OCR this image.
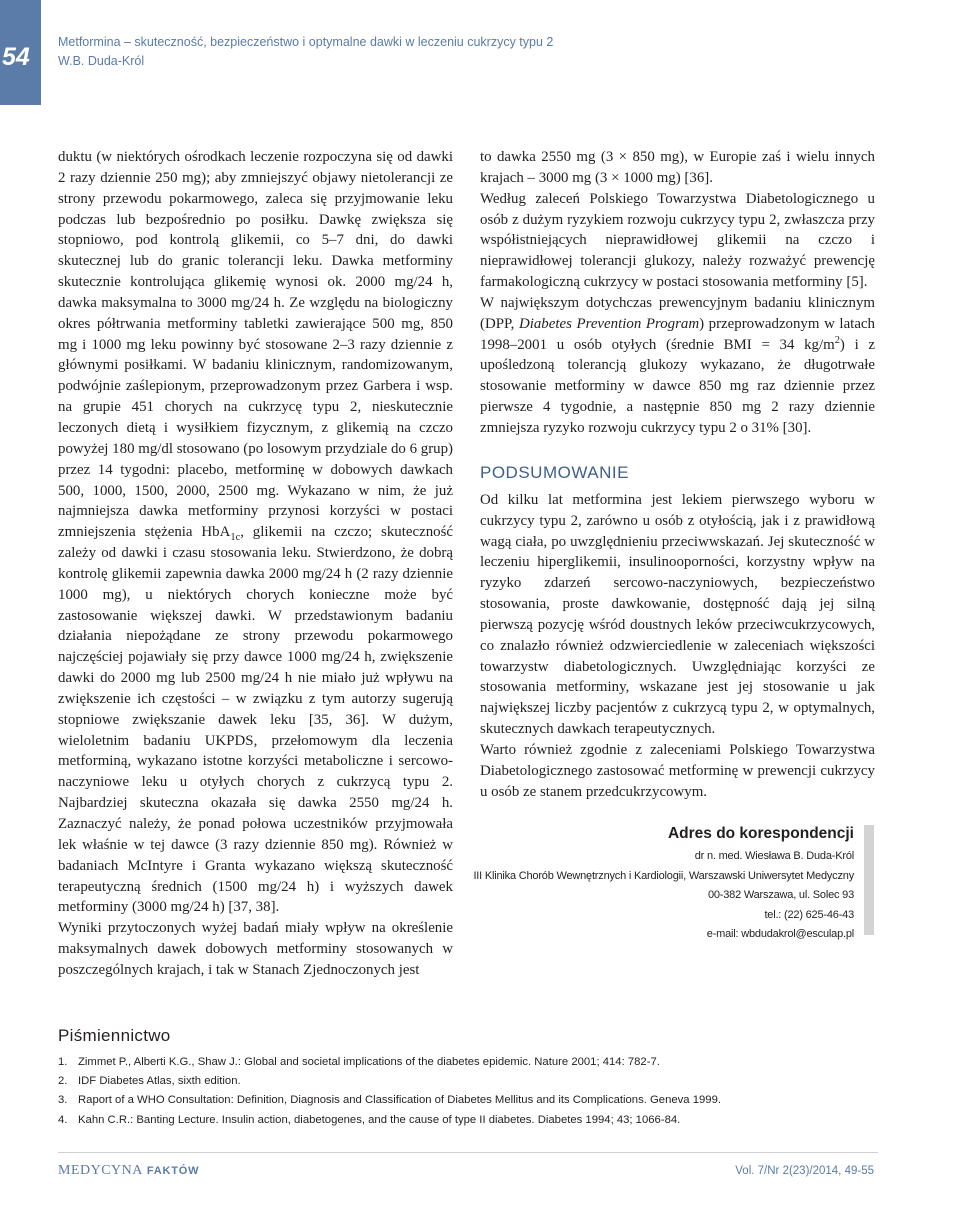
54
Metformina – skuteczność, bezpieczeństwo i optymalne dawki w leczeniu cukrzycy typu 2
W.B. Duda-Król

duktu (w niektórych ośrodkach leczenie rozpoczyna się od dawki 2 razy dziennie 250 mg); aby zmniejszyć objawy nietolerancji ze strony przewodu pokarmowego, zaleca się przyjmowanie leku podczas lub bezpośrednio po posiłku. Dawkę zwiększa się stopniowo, pod kontrolą glikemii, co 5–7 dni, do dawki skutecznej lub do granic tolerancji leku. Dawka metforminy skutecznie kontrolująca glikemię wynosi ok. 2000 mg/24 h, dawka maksymalna to 3000 mg/24 h. Ze względu na biologiczny okres półtrwania metforminy tabletki zawierające 500 mg, 850 mg i 1000 mg leku powinny być stosowane 2–3 razy dziennie z głównymi posiłkami. W badaniu klinicznym, randomizowanym, podwójnie zaślepionym, przeprowadzonym przez Garbera i wsp. na grupie 451 chorych na cukrzycę typu 2, nieskutecznie leczonych dietą i wysiłkiem fizycznym, z glikemią na czczo powyżej 180 mg/dl stosowano (po losowym przydziale do 6 grup) przez 14 tygodni: placebo, metforminę w dobowych dawkach 500, 1000, 1500, 2000, 2500 mg. Wykazano w nim, że już najmniejsza dawka metforminy przynosi korzyści w postaci zmniejszenia stężenia HbA$_{1c}$, glikemii na czczo; skuteczność zależy od dawki i czasu stosowania leku. Stwierdzono, że dobrą kontrolę glikemii zapewnia dawka 2000 mg/24 h (2 razy dziennie 1000 mg), u niektórych chorych konieczne może być zastosowanie większej dawki. W przedstawionym badaniu działania niepożądane ze strony przewodu pokarmowego najczęściej pojawiały się przy dawce 1000 mg/24 h, zwiększenie dawki do 2000 mg lub 2500 mg/24 h nie miało już wpływu na zwiększenie ich częstości – w związku z tym autorzy sugerują stopniowe zwiększanie dawek leku [35, 36]. W dużym, wieloletnim badaniu UKPDS, przełomowym dla leczenia metforminą, wykazano istotne korzyści metaboliczne i sercowo-naczyniowe leku u otyłych chorych z cukrzycą typu 2. Najbardziej skuteczna okazała się dawka 2550 mg/24 h. Zaznaczyć należy, że ponad połowa uczestników przyjmowała lek właśnie w tej dawce (3 razy dziennie 850 mg). Również w badaniach McIntyre i Granta wykazano większą skuteczność terapeutyczną średnich (1500 mg/24 h) i wyższych dawek metforminy (3000 mg/24 h) [37, 38].

Wyniki przytoczonych wyżej badań miały wpływ na określenie maksymalnych dawek dobowych metforminy stosowanych w poszczególnych krajach, i tak w Stanach Zjednoczonych jest

to dawka 2550 mg (3 × 850 mg), w Europie zaś i wielu innych krajach – 3000 mg (3 × 1000 mg) [36].

Według zaleceń Polskiego Towarzystwa Diabetologicznego u osób z dużym ryzykiem rozwoju cukrzycy typu 2, zwłaszcza przy współistniejących nieprawidłowej glikemii na czczo i nieprawidłowej tolerancji glukozy, należy rozważyć prewencję farmakologiczną cukrzycy w postaci stosowania metforminy [5].

W największym dotychczas prewencyjnym badaniu klinicznym (DPP, Diabetes Prevention Program) przeprowadzonym w latach 1998–2001 u osób otyłych (średnie BMI = 34 $kg/m^2$) i z upośledzoną tolerancją glukozy wykazano, że długotrwałe stosowanie metforminy w dawce 850 mg raz dziennie przez pierwsze 4 tygodnie, a następnie 850 mg 2 razy dziennie zmniejsza ryzyko rozwoju cukrzycy typu 2 o 31% [30].

PODSUMOWANIE

Od kilku lat metformina jest lekiem pierwszego wyboru w cukrzycy typu 2, zarówno u osób z otyłością, jak i z prawidłową wagą ciała, po uwzględnieniu przeciwwskazań. Jej skuteczność w leczeniu hiperglikemii, insulinooporności, korzystny wpływ na ryzyko zdarzeń sercowo-naczyniowych, bezpieczeństwo stosowania, proste dawkowanie, dostępność dają jej silną pierwszą pozycję wśród doustnych leków przeciwcukrzycowych, co znalazło również odzwierciedlenie w zaleceniach większości towarzystw diabetologicznych. Uwzględniając korzyści ze stosowania metforminy, wskazane jest jej stosowanie u jak największej liczby pacjentów z cukrzycą typu 2, w optymalnych, skutecznych dawkach terapeutycznych.

Warto również zgodnie z zaleceniami Polskiego Towarzystwa Diabetologicznego zastosować metforminę w prewencji cukrzycy u osób ze stanem przedcukrzycowym.

Adres do korespondencji
dr n. med. Wiesława B. Duda-Król
III Klinika Chorób Wewnętrznych i Kardiologii, Warszawski Uniwersytet Medyczny
00-382 Warszawa, ul. Solec 93
tel.: (22) 625-46-43
e-mail: wbdudakrol@esculap.pl
Piśmiennictwo
1. Zimmet P., Alberti K.G., Shaw J.: Global and societal implications of the diabetes epidemic. Nature 2001; 414: 782-7.
2. IDF Diabetes Atlas, sixth edition.
3. Raport of a WHO Consultation: Definition, Diagnosis and Classification of Diabetes Mellitus and its Complications. Geneva 1999.
4. Kahn C.R.: Banting Lecture. Insulin action, diabetogenes, and the cause of type II diabetes. Diabetes 1994; 43; 1066-84.
MEDYCYNA FAKTÓW	Vol. 7/Nr 2(23)/2014, 49-55
